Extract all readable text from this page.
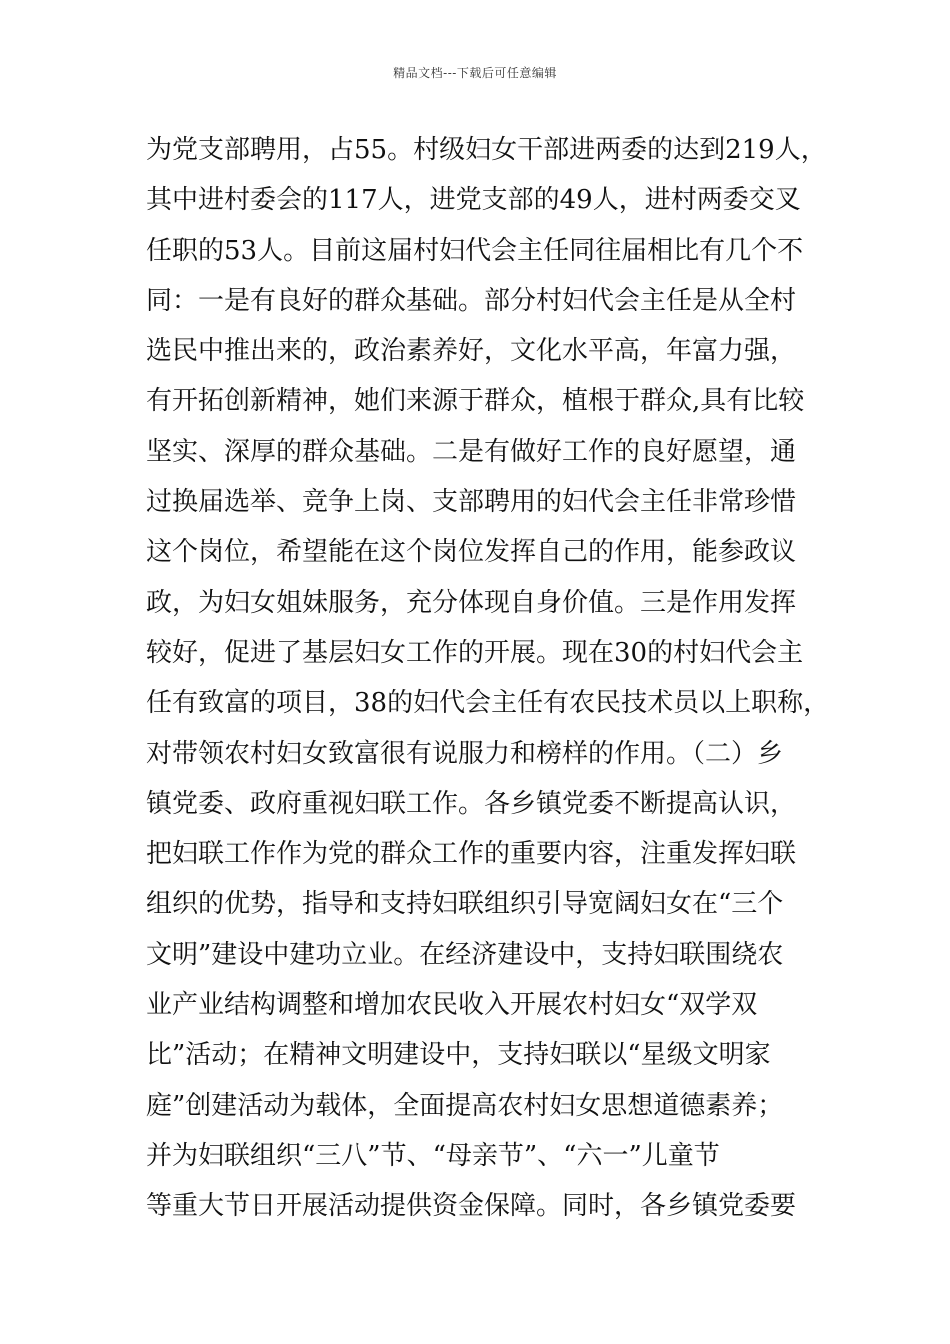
精品文档---下载后可任意编辑
为党支部聘用，占55。村级妇女干部进两委的达到219人，
其中进村委会的117人，进党支部的49人，进村两委交叉
任职的53人。目前这届村妇代会主任同往届相比有几个不
同：一是有良好的群众基础。部分村妇代会主任是从全村
选民中推出来的，政治素养好，文化水平高，年富力强，
有开拓创新精神，她们来源于群众，植根于群众,具有比较
坚实、深厚的群众基础。二是有做好工作的良好愿望，通
过换届选举、竞争上岗、支部聘用的妇代会主任非常珍惜
这个岗位，希望能在这个岗位发挥自己的作用，能参政议
政，为妇女姐妹服务，充分体现自身价值。三是作用发挥
较好，促进了基层妇女工作的开展。现在30的村妇代会主
任有致富的项目，38的妇代会主任有农民技术员以上职称，
对带领农村妇女致富很有说服力和榜样的作用。（二）乡
镇党委、政府重视妇联工作。各乡镇党委不断提高认识，
把妇联工作作为党的群众工作的重要内容，注重发挥妇联
组织的优势，指导和支持妇联组织引导宽阔妇女在“三个
文明”建设中建功立业。在经济建设中，支持妇联围绕农
业产业结构调整和增加农民收入开展农村妇女“双学双
比”活动；在精神文明建设中，支持妇联以“星级文明家
庭”创建活动为载体，全面提高农村妇女思想道德素养；
并为妇联组织“三八”节、“母亲节”、“六一”儿童节
等重大节日开展活动提供资金保障。同时，各乡镇党委要
